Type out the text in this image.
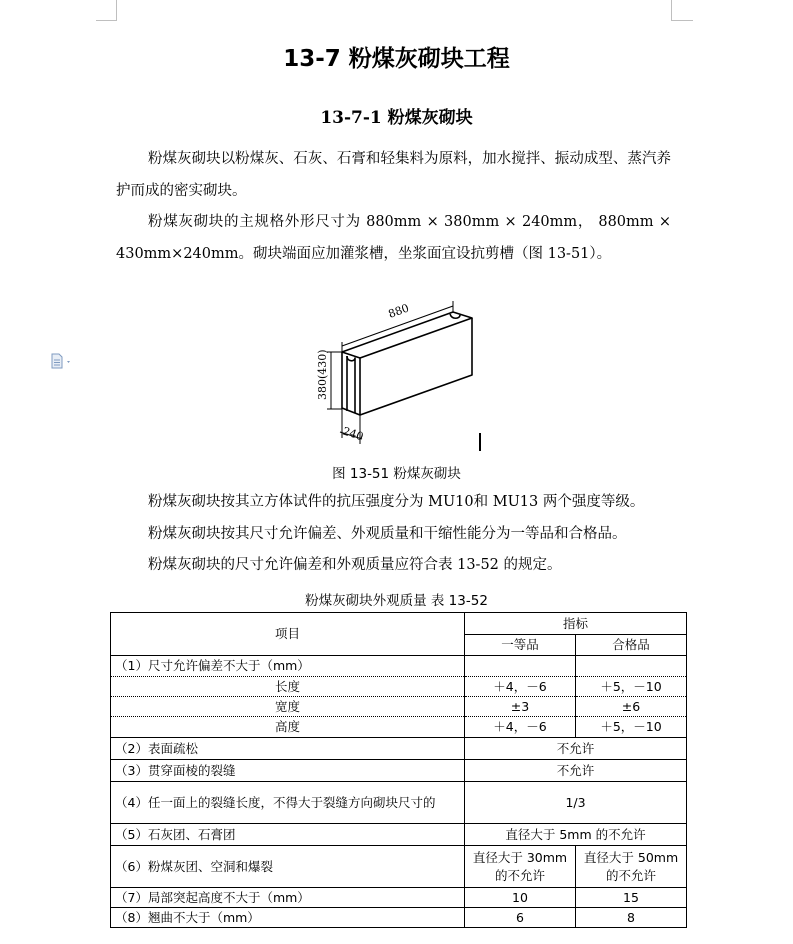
13-7 粉煤灰砌块工程
13-7-1 粉煤灰砌块
粉煤灰砌块以粉煤灰、石灰、石膏和轻集料为原料，加水搅拌、振动成型、蒸汽养护而成的密实砌块。
粉煤灰砌块的主规格外形尺寸为 880mm × 380mm × 240mm， 880mm × 430mm×240mm。砌块端面应加灌浆槽，坐浆面宜设抗剪槽（图 13-51）。
880
380(430)
240
图 13-51 粉煤灰砌块
粉煤灰砌块按其立方体试件的抗压强度分为 MU10和 MU13 两个强度等级。
粉煤灰砌块按其尺寸允许偏差、外观质量和干缩性能分为一等品和合格品。
粉煤灰砌块的尺寸允许偏差和外观质量应符合表 13-52 的规定。
粉煤灰砌块外观质量 表 13-52
项目	指标	
	一等品	合格品
（1）尺寸允许偏差不大于（mm）		
长度	＋4，－6	＋5，－10
宽度	±3	±6
高度	＋4，－6	＋5，－10
（2）表面疏松	不允许	
（3）贯穿面棱的裂缝	不允许	
（4）任一面上的裂缝长度，不得大于裂缝方向砌块尺寸的	1/3	
（5）石灰团、石膏团	直径大于 5mm 的不允许	
（6）粉煤灰团、空洞和爆裂	直径大于 30mm 的不允许	直径大于 50mm 的不允许
（7）局部突起高度不大于（mm）	10	15
（8）翘曲不大于（mm）	6	8
